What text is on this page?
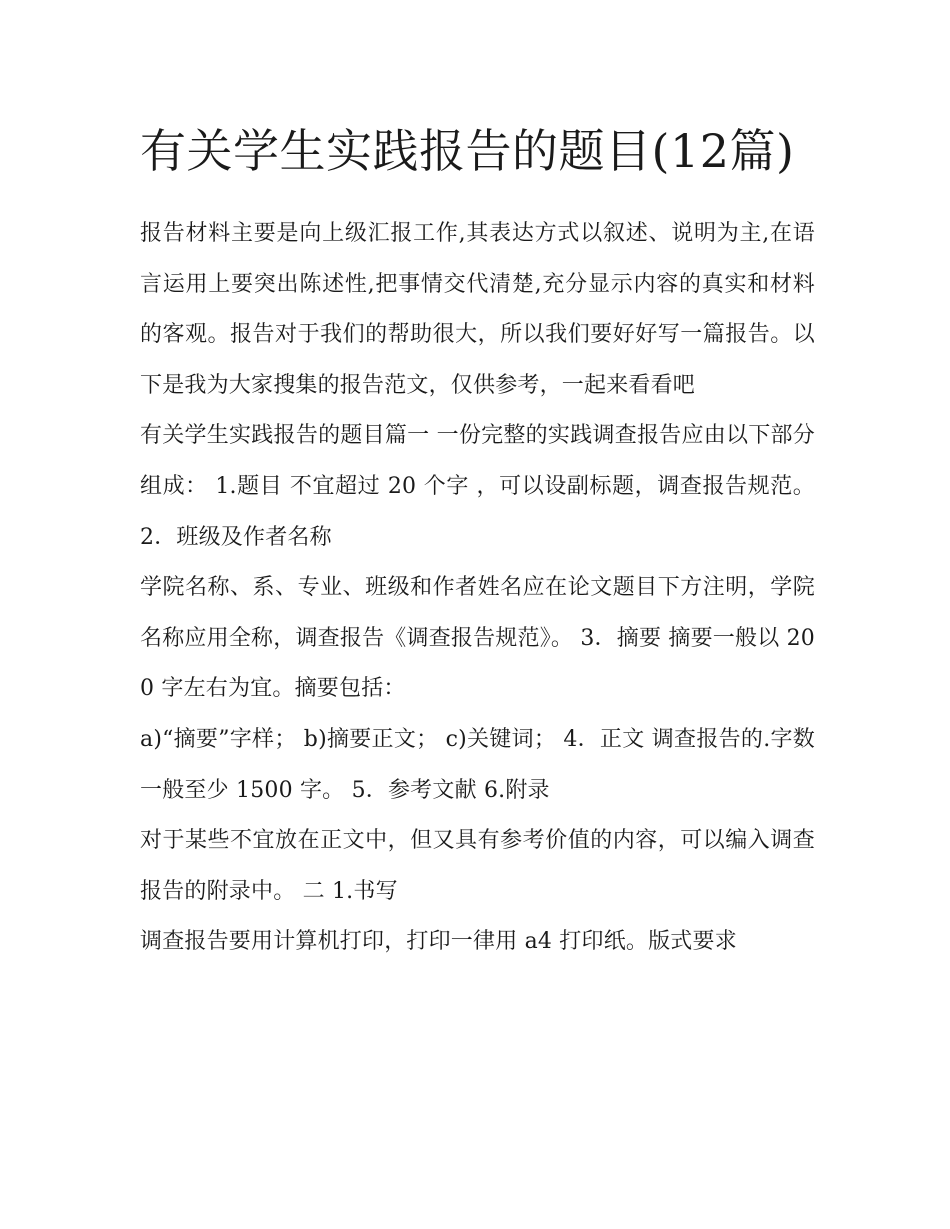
有关学生实践报告的题目(12篇)

报告材料主要是向上级汇报工作,其表达方式以叙述、说明为主,在语言运用上要突出陈述性,把事情交代清楚,充分显示内容的真实和材料的客观。报告对于我们的帮助很大，所以我们要好好写一篇报告。以下是我为大家搜集的报告范文，仅供参考，一起来看看吧

有关学生实践报告的题目篇一 一份完整的实践调查报告应由以下部分组成： 1.题目 不宜超过 20 个字 ，可以设副标题，调查报告规范。 2．班级及作者名称

学院名称、系、专业、班级和作者姓名应在论文题目下方注明，学院名称应用全称，调查报告《调查报告规范》。 3．摘要 摘要一般以 200 字左右为宜。摘要包括：

a)“摘要”字样； b)摘要正文； c)关键词； 4．正文 调查报告的.字数一般至少 1500 字。 5．参考文献 6.附录

对于某些不宜放在正文中，但又具有参考价值的内容，可以编入调查报告的附录中。 二 1.书写

调查报告要用计算机打印，打印一律用 a4 打印纸。版式要求
